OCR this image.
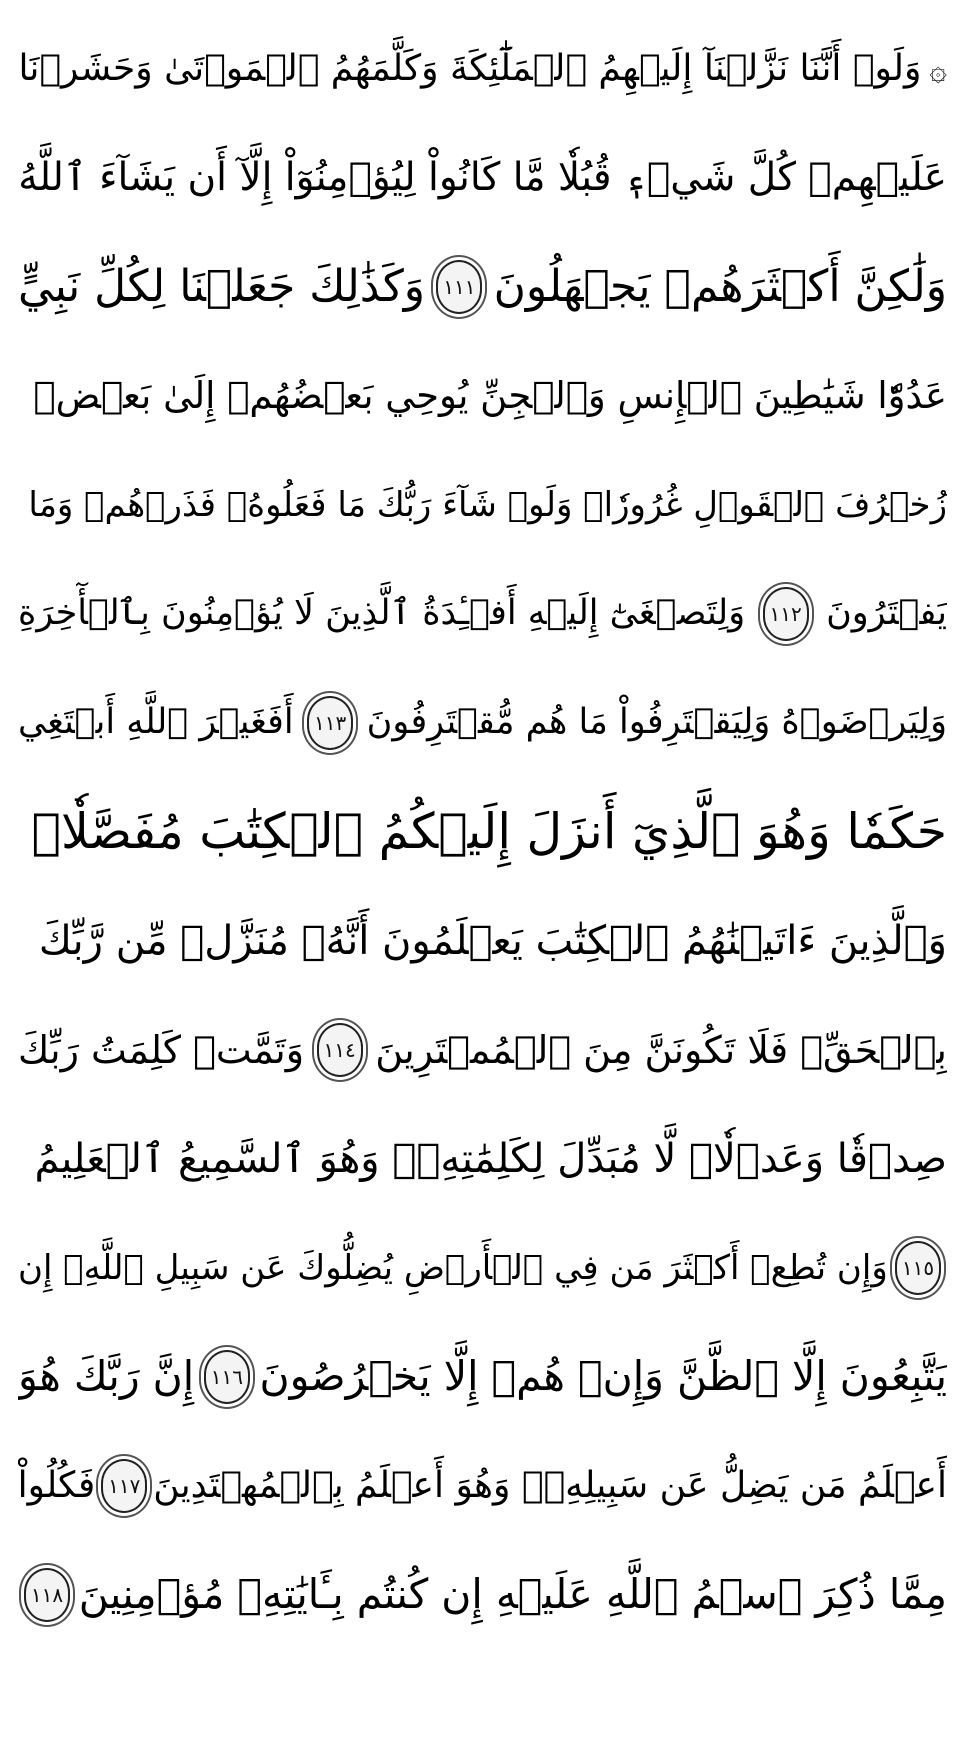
۞وَلَوۡ أَنَّنَا نَزَّلۡنَآ إِلَيۡهِمُ ٱلۡمَلَٰٓئِكَةَ وَكَلَّمَهُمُ ٱلۡمَوۡتَىٰ وَحَشَرۡنَا
عَلَيۡهِمۡ كُلَّ شَيۡءٖ قُبُلٗا مَّا كَانُواْ لِيُؤۡمِنُوٓاْ إِلَّآ أَن يَشَآءَ ٱللَّهُ
وَلَٰكِنَّ أَكۡثَرَهُمۡ يَجۡهَلُونَ
١١١
وَكَذَٰلِكَ جَعَلۡنَا لِكُلِّ نَبِيٍّ
عَدُوّٗا شَيَٰطِينَ ٱلۡإِنسِ وَٱلۡجِنِّ يُوحِي بَعۡضُهُمۡ إِلَىٰ بَعۡضٖ
زُخۡرُفَ ٱلۡقَوۡلِ غُرُورٗاۚ وَلَوۡ شَآءَ رَبُّكَ مَا فَعَلُوهُۖ فَذَرۡهُمۡ وَمَا
يَفۡتَرُونَ
١١٢
وَلِتَصۡغَىٰٓ إِلَيۡهِ أَفۡـِٔدَةُ ٱلَّذِينَ لَا يُؤۡمِنُونَ بِٱلۡأٓخِرَةِ
وَلِيَرۡضَوۡهُ وَلِيَقۡتَرِفُواْ مَا هُم مُّقۡتَرِفُونَ
١١٣
أَفَغَيۡرَ ٱللَّهِ أَبۡتَغِي
حَكَمٗا وَهُوَ ٱلَّذِيٓ أَنزَلَ إِلَيۡكُمُ ٱلۡكِتَٰبَ مُفَصَّلٗاۚ
وَٱلَّذِينَ ءَاتَيۡنَٰهُمُ ٱلۡكِتَٰبَ يَعۡلَمُونَ أَنَّهُۥ مُنَزَّلٞ مِّن رَّبِّكَ
بِٱلۡحَقِّۖ فَلَا تَكُونَنَّ مِنَ ٱلۡمُمۡتَرِينَ
١١٤
وَتَمَّتۡ كَلِمَتُ رَبِّكَ
صِدۡقٗا وَعَدۡلٗاۚ لَّا مُبَدِّلَ لِكَلِمَٰتِهِۦۚ وَهُوَ ٱلسَّمِيعُ ٱلۡعَلِيمُ
١١٥
وَإِن تُطِعۡ أَكۡثَرَ مَن فِي ٱلۡأَرۡضِ يُضِلُّوكَ عَن سَبِيلِ ٱللَّهِۚ إِن
يَتَّبِعُونَ إِلَّا ٱلظَّنَّ وَإِنۡ هُمۡ إِلَّا يَخۡرُصُونَ
١١٦
إِنَّ رَبَّكَ هُوَ
أَعۡلَمُ مَن يَضِلُّ عَن سَبِيلِهِۦۖ وَهُوَ أَعۡلَمُ بِٱلۡمُهۡتَدِينَ
١١٧
فَكُلُواْ
مِمَّا ذُكِرَ ٱسۡمُ ٱللَّهِ عَلَيۡهِ إِن كُنتُم بِـَٔايَٰتِهِۦ مُؤۡمِنِينَ
١١٨
